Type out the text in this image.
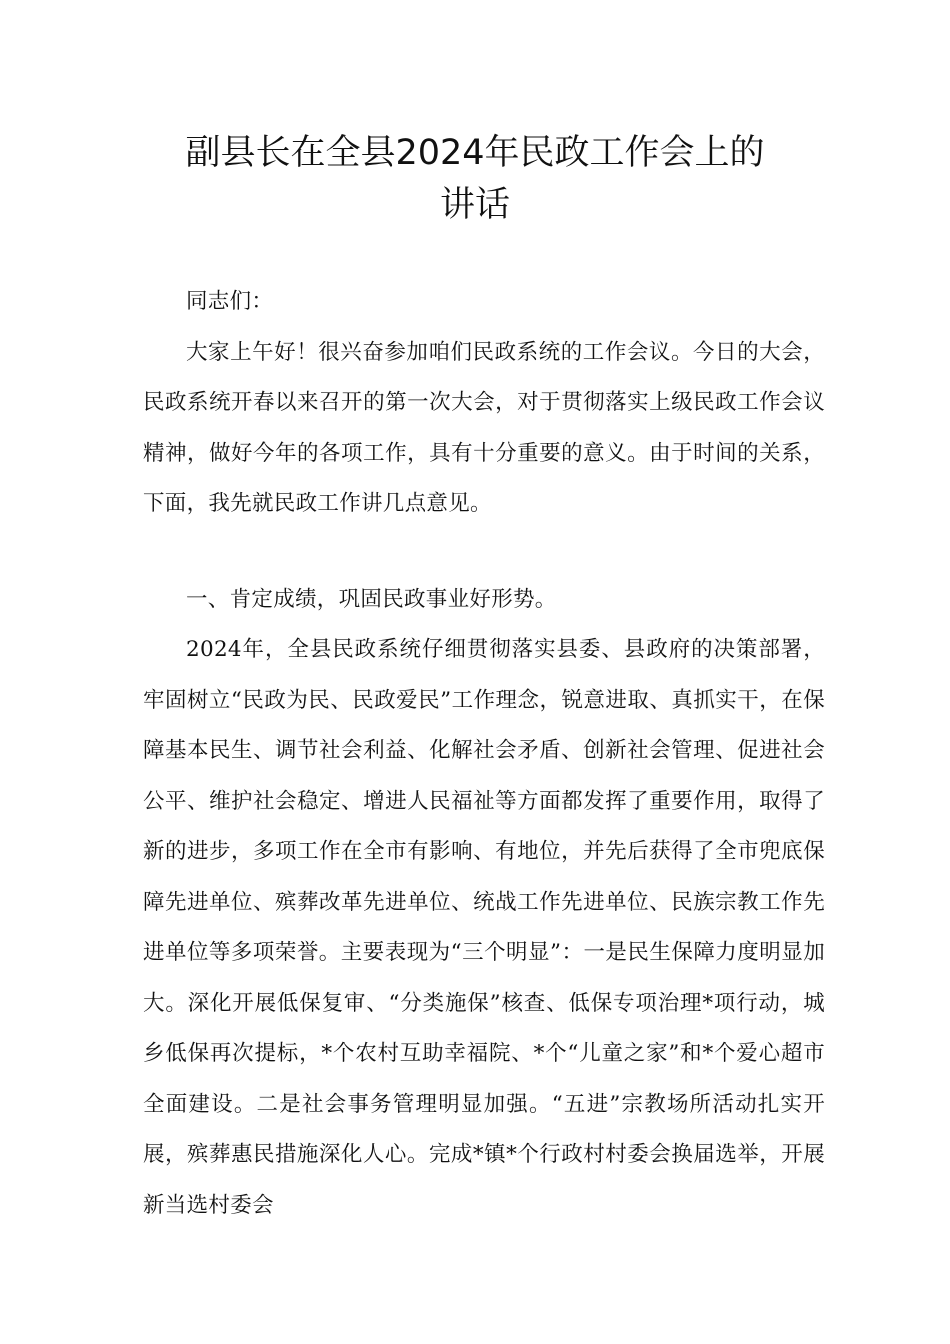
副县长在全县2024年民政工作会上的
讲话

同志们：

大家上午好！很兴奋参加咱们民政系统的工作会议。今日的大会，民政系统开春以来召开的第一次大会，对于贯彻落实上级民政工作会议精神，做好今年的各项工作，具有十分重要的意义。由于时间的关系，下面，我先就民政工作讲几点意见。

一、肯定成绩，巩固民政事业好形势。

2024年，全县民政系统仔细贯彻落实县委、县政府的决策部署，牢固树立“民政为民、民政爱民”工作理念，锐意进取、真抓实干，在保障基本民生、调节社会利益、化解社会矛盾、创新社会管理、促进社会公平、维护社会稳定、增进人民福祉等方面都发挥了重要作用，取得了新的进步，多项工作在全市有影响、有地位，并先后获得了全市兜底保障先进单位、殡葬改革先进单位、统战工作先进单位、民族宗教工作先进单位等多项荣誉。主要表现为“三个明显”：一是民生保障力度明显加大。深化开展低保复审、“分类施保”核查、低保专项治理*项行动，城乡低保再次提标，*个农村互助幸福院、*个“儿童之家”和*个爱心超市全面建设。二是社会事务管理明显加强。“五进”宗教场所活动扎实开展，殡葬惠民措施深化人心。完成*镇*个行政村村委会换届选举，开展新当选村委会
